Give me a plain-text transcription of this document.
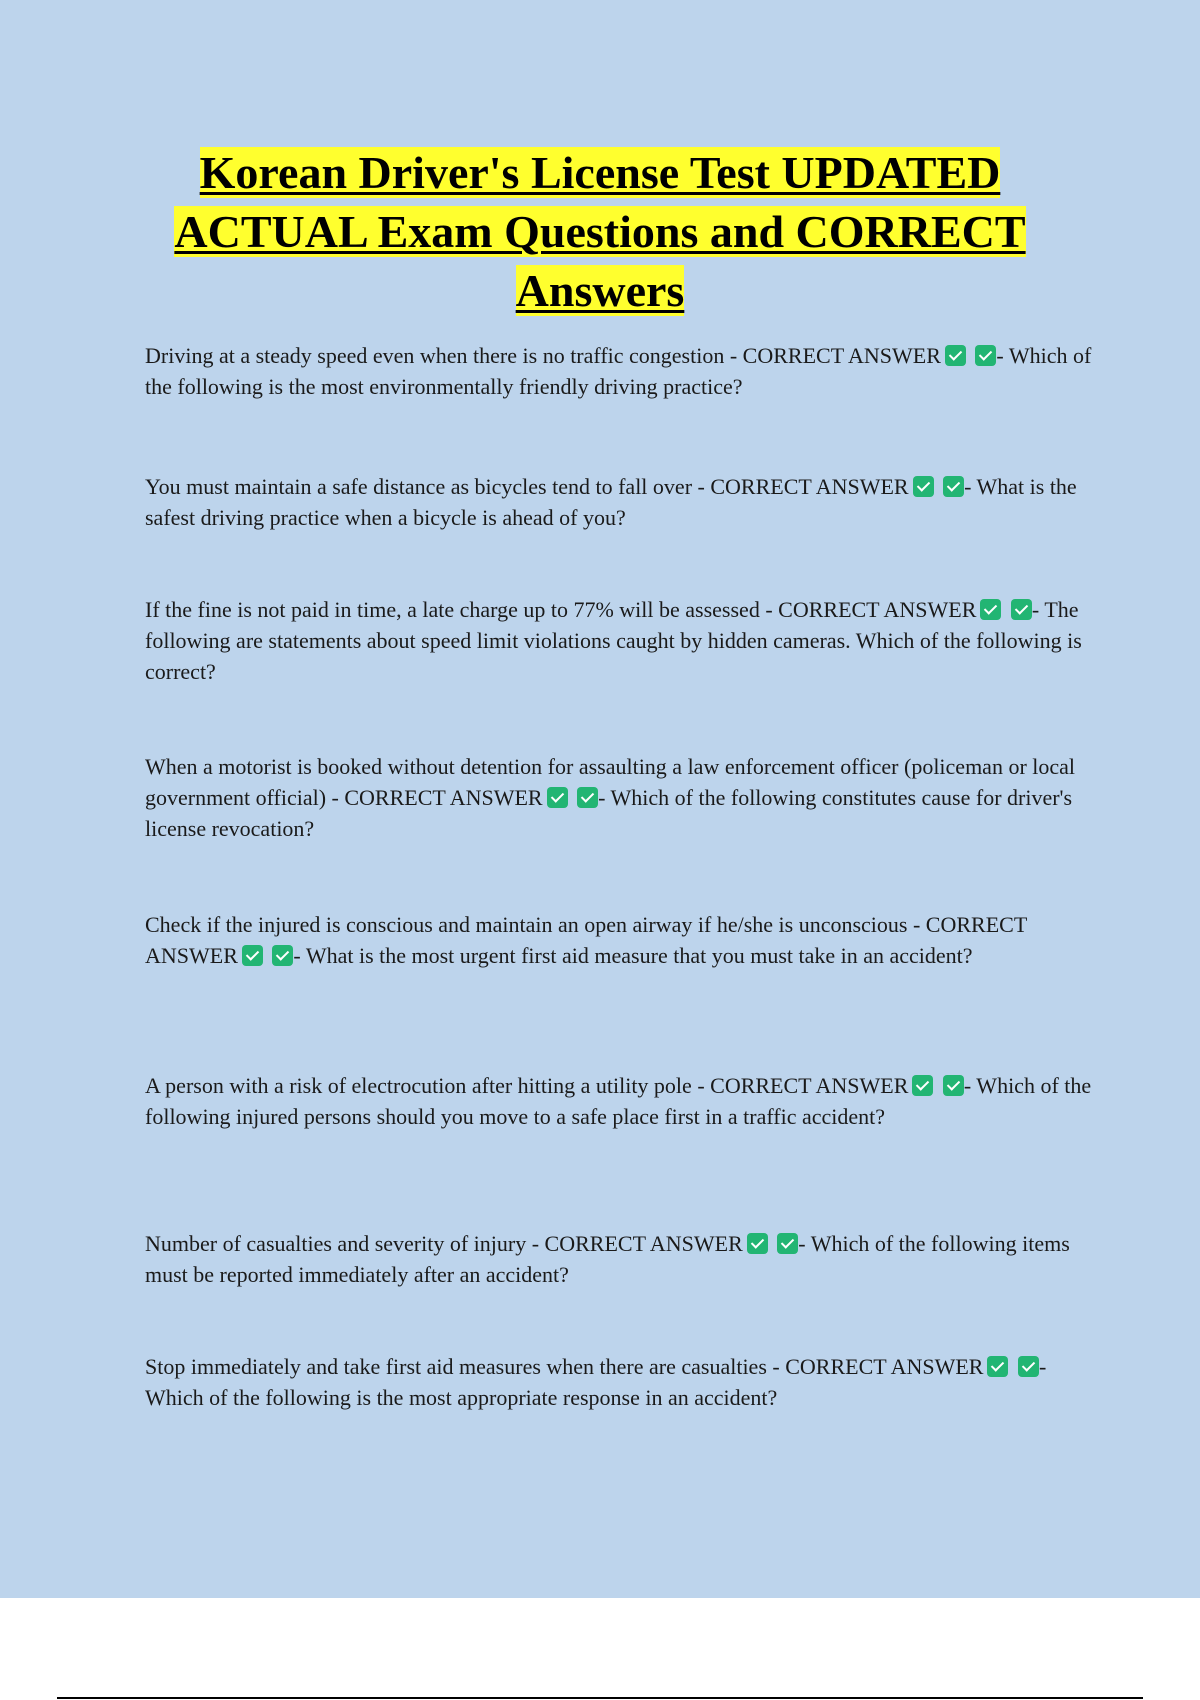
Korean Driver's License Test UPDATED ACTUAL Exam Questions and CORRECT Answers

Driving at a steady speed even when there is no traffic congestion - CORRECT ANSWER	- Which of the following is the most environmentally friendly driving practice?

You must maintain a safe distance as bicycles tend to fall over - CORRECT ANSWER	- What is the safest driving practice when a bicycle is ahead of you?

If the fine is not paid in time, a late charge up to 77% will be assessed - CORRECT ANSWER	- The following are statements about speed limit violations caught by hidden cameras. Which of the following is correct?

When a motorist is booked without detention for assaulting a law enforcement officer (policeman or local government official) - CORRECT ANSWER	- Which of the following constitutes cause for driver's license revocation?

Check if the injured is conscious and maintain an open airway if he/she is unconscious - CORRECT ANSWER	- What is the most urgent first aid measure that you must take in an accident?

A person with a risk of electrocution after hitting a utility pole - CORRECT ANSWER	- Which of the following injured persons should you move to a safe place first in a traffic accident?

Number of casualties and severity of injury - CORRECT ANSWER	- Which of the following items must be reported immediately after an accident?

Stop immediately and take first aid measures when there are casualties - CORRECT ANSWER	- Which of the following is the most appropriate response in an accident?
